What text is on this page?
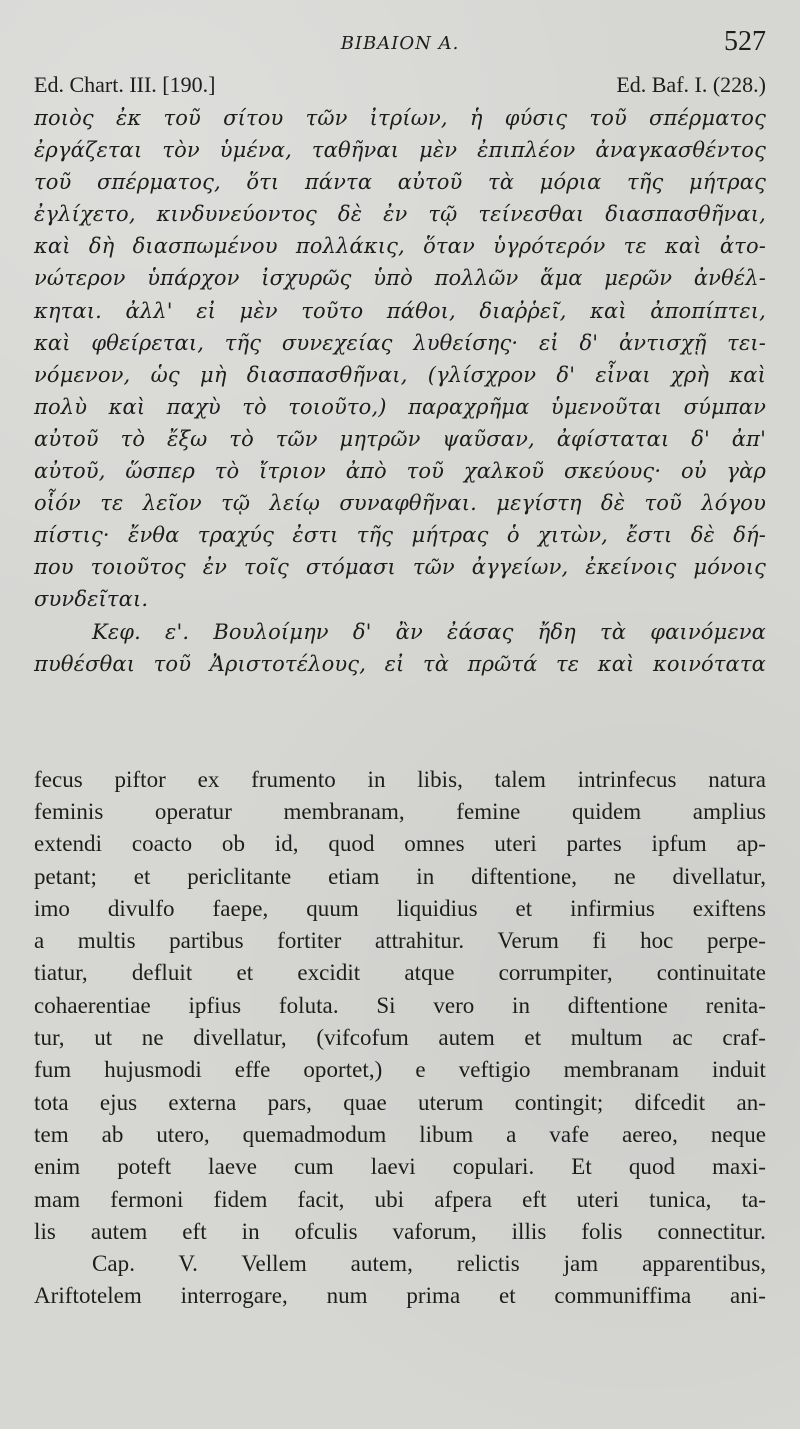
BIBAION A.	527
Ed. Chart. III. [190.]	Ed. Baf. I. (228.)
ποιὸς ἐκ τοῦ σίτου τῶν ἰτρίων, ἡ φύσις τοῦ σπέρματος
ἐργάζεται τὸν ὑμένα, ταθῆναι μὲν ἐπιπλέον ἀναγκασθέντος
τοῦ σπέρματος, ὅτι πάντα αὐτοῦ τὰ μόρια τῆς μήτρας
ἐγλίχετο, κινδυνεύοντος δὲ ἐν τῷ τείνεσθαι διασπασθῆναι,
καὶ δὴ διασπωμένου πολλάκις, ὅταν ὑγρότερόν τε καὶ ἀτο-
νώτερον ὑπάρχον ἰσχυρῶς ὑπὸ πολλῶν ἅμα μερῶν ἀνθέλ-
κηται. ἀλλ' εἰ μὲν τοῦτο πάθοι, διαῤῥεῖ, καὶ ἀποπίπτει,
καὶ φθείρεται, τῆς συνεχείας λυθείσης· εἰ δ' ἀντισχῇ τει-
νόμενον, ὡς μὴ διασπασθῆναι, (γλίσχρον δ' εἶναι χρὴ καὶ
πολὺ καὶ παχὺ τὸ τοιοῦτο,) παραχρῆμα ὑμενοῦται σύμπαν
αὐτοῦ τὸ ἔξω τὸ τῶν μητρῶν ψαῦσαν, ἀφίσταται δ' ἀπ'
αὐτοῦ, ὥσπερ τὸ ἴτριον ἀπὸ τοῦ χαλκοῦ σκεύους· οὐ γὰρ
οἷόν τε λεῖον τῷ λείῳ συναφθῆναι. μεγίστη δὲ τοῦ λόγου
πίστις· ἔνθα τραχύς ἐστι τῆς μήτρας ὁ χιτὼν, ἔστι δὲ δή-
που τοιοῦτος ἐν τοῖς στόμασι τῶν ἀγγείων, ἐκείνοις μόνοις
συνδεῖται.
Κεφ. ε'. Βουλοίμην δ' ἂν ἐάσας ἤδη τὰ φαινόμενα
πυθέσθαι τοῦ Ἀριστοτέλους, εἰ τὰ πρῶτά τε καὶ κοινότατα
fecus piftor ex frumento in libis, talem intrinfecus natura
feminis operatur membranam, femine quidem amplius
extendi coacto ob id, quod omnes uteri partes ipfum ap-
petant; et periclitante etiam in diftentione, ne divellatur,
imo divulfo faepe, quum liquidius et infirmius exiftens
a multis partibus fortiter attrahitur. Verum fi hoc perpe-
tiatur, defluit et excidit atque corrumpiter, continuitate
cohaerentiae ipfius foluta. Si vero in diftentione renita-
tur, ut ne divellatur, (vifcofum autem et multum ac craf-
fum hujusmodi effe oportet,) e veftigio membranam induit
tota ejus externa pars, quae uterum contingit; difcedit an-
tem ab utero, quemadmodum libum a vafe aereo, neque
enim poteft laeve cum laevi copulari. Et quod maxi-
mam fermoni fidem facit, ubi afpera eft uteri tunica, ta-
lis autem eft in ofculis vaforum, illis folis connectitur.
Cap. V. Vellem autem, relictis jam apparentibus,
Ariftotelem interrogare, num prima et communiffima ani-
